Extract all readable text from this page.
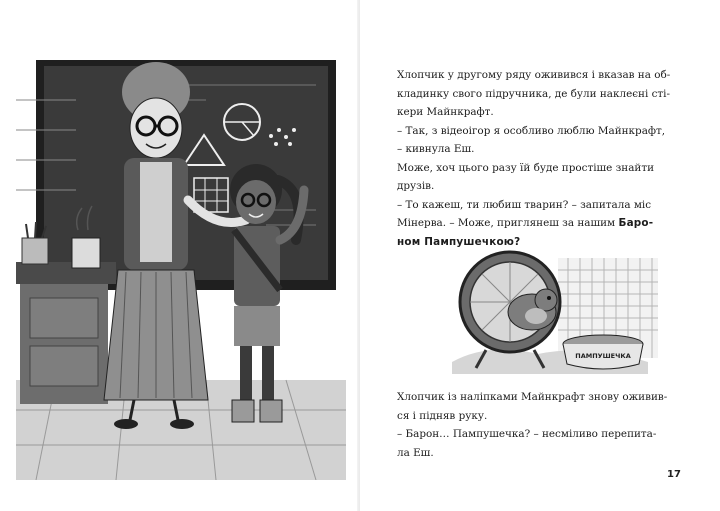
Хлопчик у другому ряду оживився і вказав на об-

кладинку свого підручника, де були наклеєні сті-

кери Майнкрафт.

– Так, з відеоігор я особливо люблю Майнкрафт,

– кивнула Еш.

Може, хоч цього разу їй буде простіше знайти

друзів.

– То кажеш, ти любиш тварин? – запитала міс

Мінерва. – Може, приглянеш за нашим Баро-

ном Пампушечкою?

ПАМПУШЕЧКА

Хлопчик із наліпками Майнкрафт знову оживив-

ся і підняв руку.

– Барон… Пампушечка? – несміливо перепита-

ла Еш.

17
